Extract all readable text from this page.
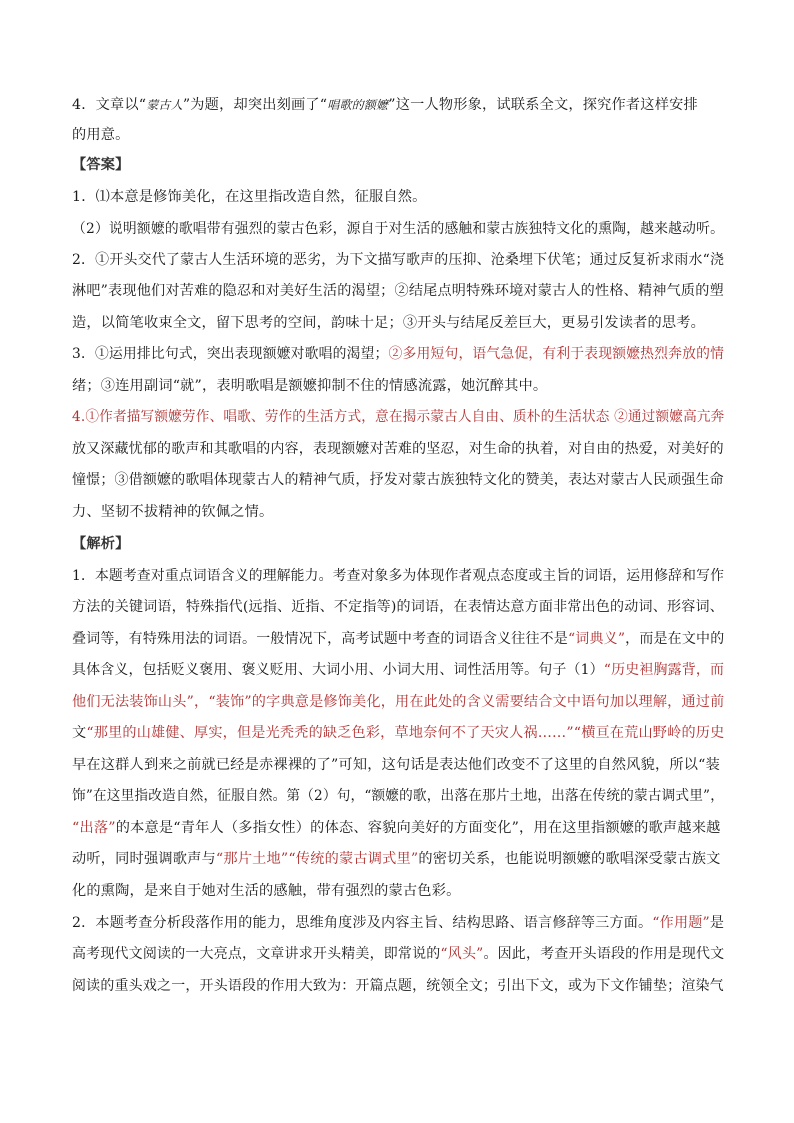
4．文章以“蒙古人”为题，却突出刻画了“唱歌的额嬷”这一人物形象，试联系全文，探究作者这样安排
的用意。
【答案】
1．⑴本意是修饰美化，在这里指改造自然，征服自然。
（2）说明额嬷的歌唱带有强烈的蒙古色彩，源自于对生活的感触和蒙古族独特文化的熏陶，越来越动听。
2．①开头交代了蒙古人生活环境的恶劣，为下文描写歌声的压抑、沧桑埋下伏笔；通过反复祈求雨水“浇
淋吧”表现他们对苦难的隐忍和对美好生活的渴望；②结尾点明特殊环境对蒙古人的性格、精神气质的塑
造，以简笔收束全文，留下思考的空间，韵味十足；③开头与结尾反差巨大，更易引发读者的思考。
3．①运用排比句式，突出表现额嬷对歌唱的渴望；②多用短句，语气急促，有利于表现额嬷热烈奔放的情
绪；③连用副词“就”，表明歌唱是额嬷抑制不住的情感流露，她沉醉其中。
4.①作者描写额嬷劳作、唱歌、劳作的生活方式，意在揭示蒙古人自由、质朴的生活状态 ②通过额嬷高亢奔
放又深藏忧郁的歌声和其歌唱的内容，表现额嬷对苦难的坚忍，对生命的执着，对自由的热爱，对美好的
憧憬；③借额嬷的歌唱体现蒙古人的精神气质，抒发对蒙古族独特文化的赞美，表达对蒙古人民顽强生命
力、坚韧不拔精神的钦佩之情。
【解析】
1．本题考查对重点词语含义的理解能力。考查对象多为体现作者观点态度或主旨的词语，运用修辞和写作
方法的关键词语，特殊指代(远指、近指、不定指等)的词语，在表情达意方面非常出色的动词、形容词、
叠词等，有特殊用法的词语。一般情况下，高考试题中考查的词语含义往往不是“词典义”，而是在文中的
具体含义，包括贬义褒用、褒义贬用、大词小用、小词大用、词性活用等。句子（1）“历史袒胸露背，而
他们无法装饰山头”，“装饰”的字典意是修饰美化，用在此处的含义需要结合文中语句加以理解，通过前
文“那里的山雄健、厚实，但是光秃秃的缺乏色彩，草地奈何不了天灾人祸……”“横亘在荒山野岭的历史
早在这群人到来之前就已经是赤裸裸的了”可知，这句话是表达他们改变不了这里的自然风貌，所以“装
饰”在这里指改造自然，征服自然。第（2）句，“额嬷的歌，出落在那片土地，出落在传统的蒙古调式里”，
“出落”的本意是“青年人（多指女性）的体态、容貌向美好的方面变化”，用在这里指额嬷的歌声越来越
动听，同时强调歌声与“那片土地”“传统的蒙古调式里”的密切关系，也能说明额嬷的歌唱深受蒙古族文
化的熏陶，是来自于她对生活的感触，带有强烈的蒙古色彩。
2．本题考查分析段落作用的能力，思维角度涉及内容主旨、结构思路、语言修辞等三方面。“作用题”是
高考现代文阅读的一大亮点，文章讲求开头精美，即常说的“风头”。因此，考查开头语段的作用是现代文
阅读的重头戏之一，开头语段的作用大致为：开篇点题，统领全文；引出下文，或为下文作铺垫；渲染气
